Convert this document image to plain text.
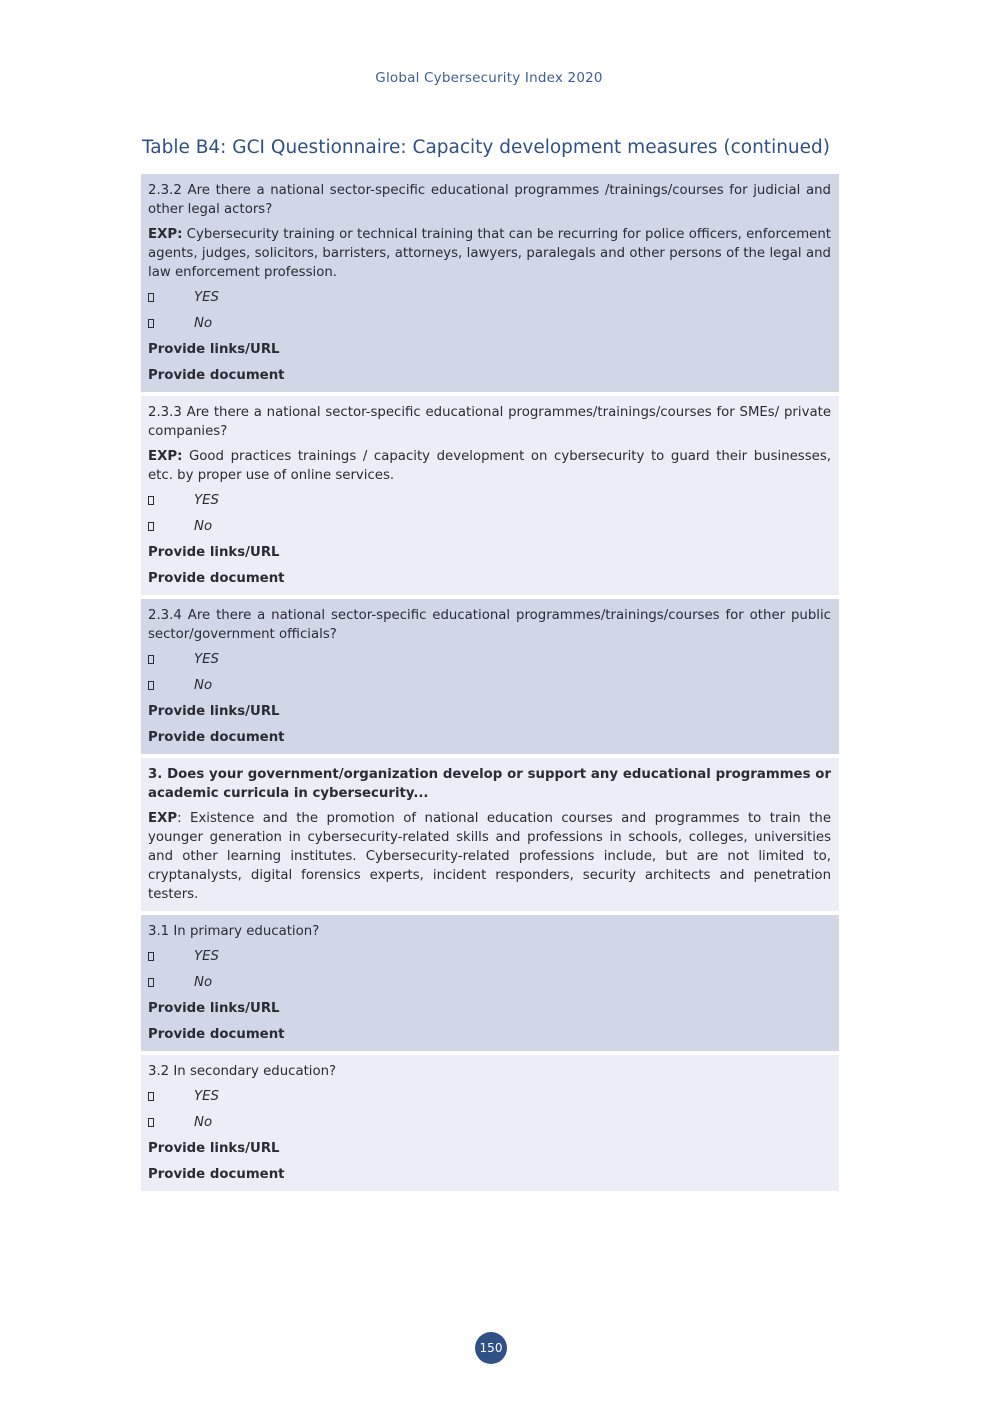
Global Cybersecurity Index 2020
Table B4: GCI Questionnaire: Capacity development measures (continued)

2.3.2 Are there a national sector-specific educational programmes /trainings/courses for judicial and other legal actors?

EXP: Cybersecurity training or technical training that can be recurring for police officers, enforcement agents, judges, solicitors, barristers, attorneys, lawyers, paralegals and other persons of the legal and law enforcement profession.

YES
No
Provide links/URL
Provide document

2.3.3 Are there a national sector-specific educational programmes/trainings/courses for SMEs/ private companies?

EXP: Good practices trainings / capacity development on cybersecurity to guard their businesses, etc. by proper use of online services.

YES
No
Provide links/URL
Provide document

2.3.4 Are there a national sector-specific educational programmes/trainings/courses for other public sector/government officials?

YES
No
Provide links/URL
Provide document

3. Does your government/organization develop or support any educational programmes or academic curricula in cybersecurity...

EXP: Existence and the promotion of national education courses and programmes to train the younger generation in cybersecurity-related skills and professions in schools, colleges, universities and other learning institutes. Cybersecurity-related professions include, but are not limited to, cryptanalysts, digital forensics experts, incident responders, security architects and penetration testers.

3.1 In primary education?

YES
No
Provide links/URL
Provide document

3.2 In secondary education?

YES
No
Provide links/URL
Provide document
150
